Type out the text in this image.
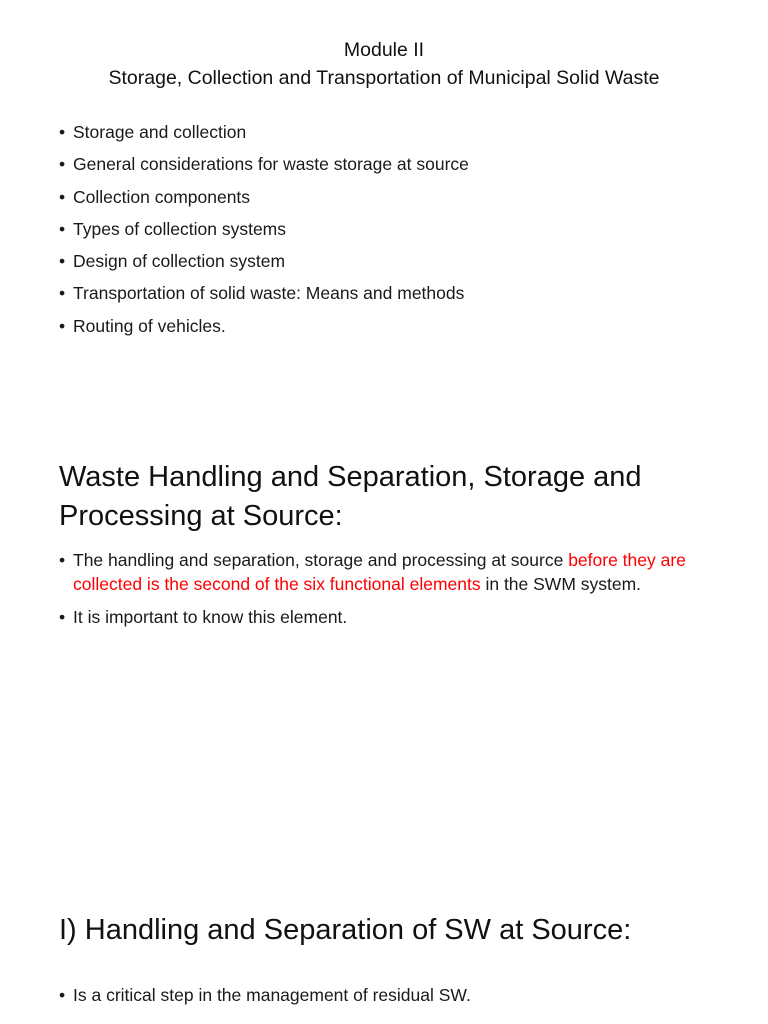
Module II
Storage, Collection and Transportation of Municipal Solid Waste
• Storage and collection
• General considerations for waste storage at source
• Collection components
• Types of collection systems
• Design of collection system
• Transportation of solid waste: Means and methods
• Routing of vehicles.
Waste Handling and Separation, Storage and Processing at Source:
• The handling and separation, storage and processing at source before they are collected is the second of the six functional elements in the SWM system.
• It is important to know this element.
I) Handling and Separation of SW at Source:
• Is a critical step in the management of residual SW.
